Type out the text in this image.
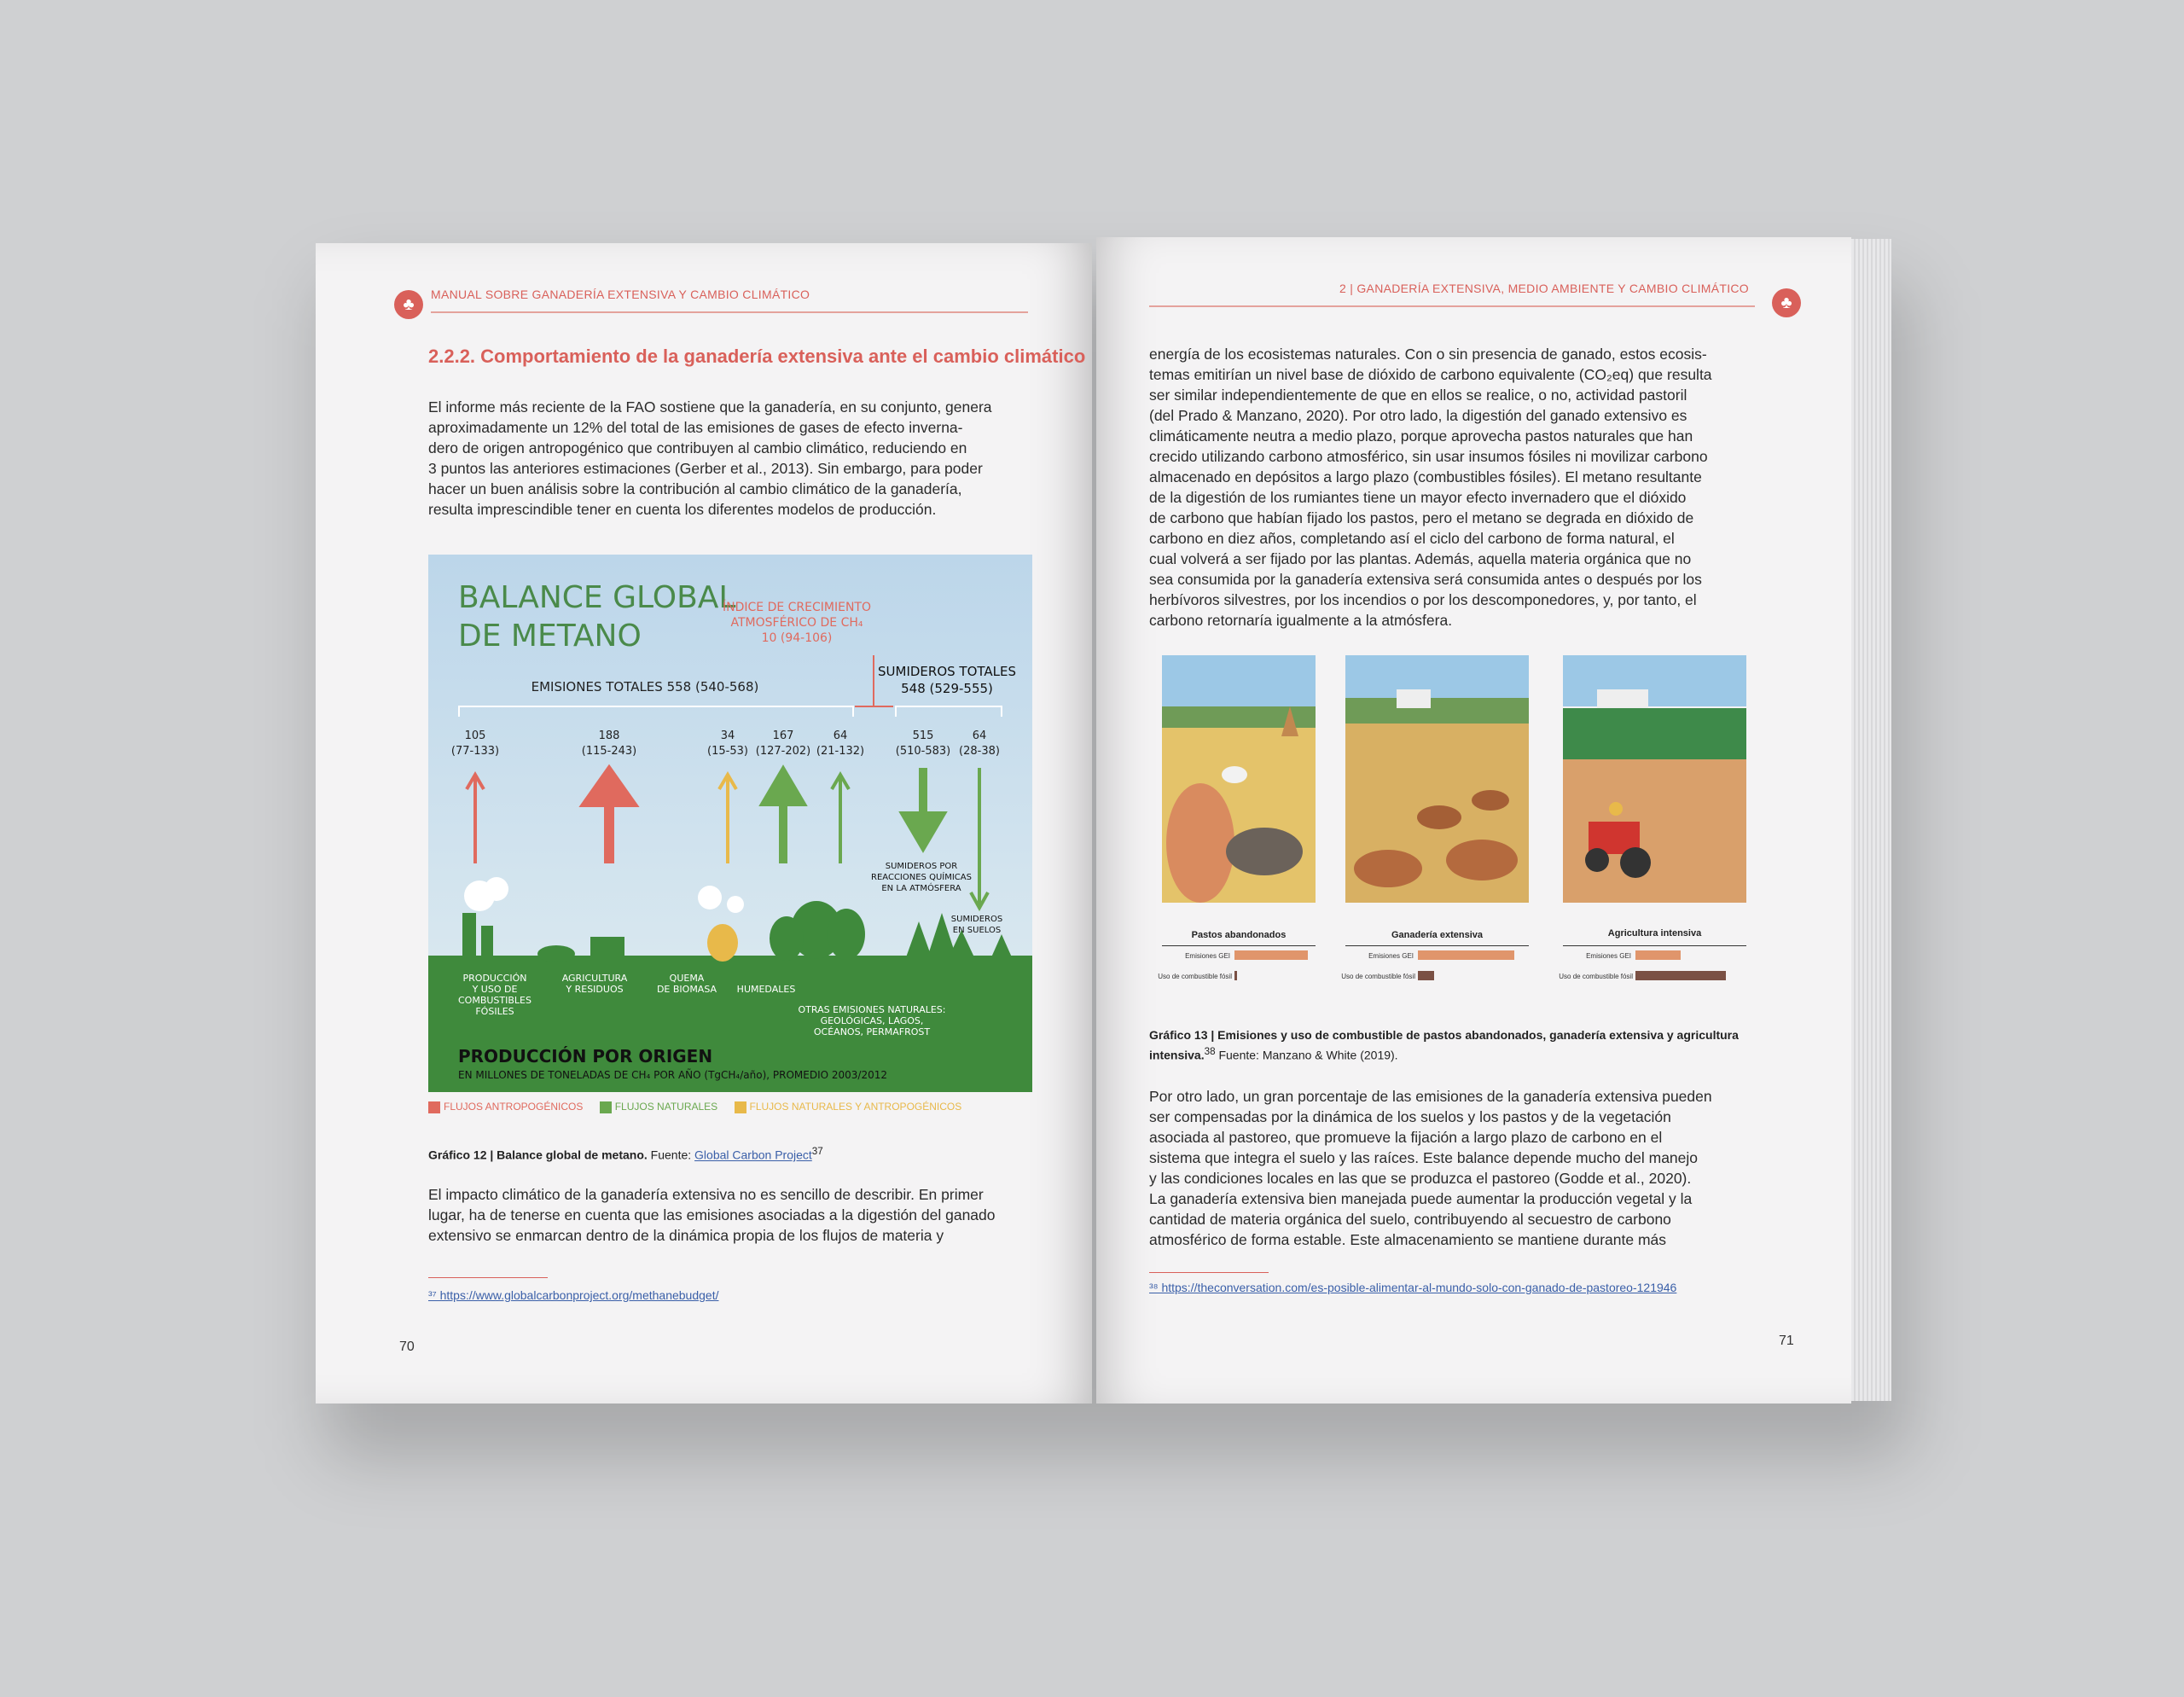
♣
MANUAL SOBRE GANADERÍA EXTENSIVA Y CAMBIO CLIMÁTICO
2.2.2. Comportamiento de la ganadería extensiva ante el cambio climático
El informe más reciente de la FAO sostiene que la ganadería, en su conjunto, genera
aproximadamente un 12% del total de las emisiones de gases de efecto inverna-
dero de origen antropogénico que contribuyen al cambio climático, reduciendo en
3 puntos las anteriores estimaciones (Gerber et al., 2013). Sin embargo, para poder
hacer un buen análisis sobre la contribución al cambio climático de la ganadería,
resulta imprescindible tener en cuenta los diferentes modelos de producción.
BALANCE GLOBAL
DE METANO
ÍNDICE DE CRECIMIENTO
ATMOSFÉRICO DE CH₄
10 (94-106)
EMISIONES TOTALES 558 (540-568)
SUMIDEROS TOTALES
548 (529-555)
105
(77-133)
188
(115-243)
34
(15-53)
167
(127-202)
64
(21-132)
515
(510-583)
64
(28-38)
SUMIDEROS POR
REACCIONES QUÍMICAS
EN LA ATMÓSFERA
SUMIDEROS
EN SUELOS
PRODUCCIÓN
Y USO DE
COMBUSTIBLES
FÓSILES
AGRICULTURA
Y RESIDUOS
QUEMA
DE BIOMASA HUMEDALES
OTRAS EMISIONES NATURALES:
GEOLÓGICAS, LAGOS,
OCÉANOS, PERMAFROST
PRODUCCIÓN POR ORIGEN
EN MILLONES DE TONELADAS DE CH₄ POR AÑO (TgCH₄/año), PROMEDIO 2003/2012
FLUJOS ANTROPOGÉNICOS	FLUJOS NATURALES	FLUJOS NATURALES Y ANTROPOGÉNICOS
Gráfico 12 | Balance global de metano. Fuente: Global Carbon Project$^{37}$
El impacto climático de la ganadería extensiva no es sencillo de describir. En primer
lugar, ha de tenerse en cuenta que las emisiones asociadas a la digestión del ganado
extensivo se enmarcan dentro de la dinámica propia de los flujos de materia y
³⁷ https://www.globalcarbonproject.org/methanebudget/
70
2 | GANADERÍA EXTENSIVA, MEDIO AMBIENTE Y CAMBIO CLIMÁTICO
♣
energía de los ecosistemas naturales. Con o sin presencia de ganado, estos ecosis-
temas emitirían un nivel base de dióxido de carbono equivalente (CO₂eq) que resulta
ser similar independientemente de que en ellos se realice, o no, actividad pastoril
(del Prado & Manzano, 2020). Por otro lado, la digestión del ganado extensivo es
climáticamente neutra a medio plazo, porque aprovecha pastos naturales que han
crecido utilizando carbono atmosférico, sin usar insumos fósiles ni movilizar carbono
almacenado en depósitos a largo plazo (combustibles fósiles). El metano resultante
de la digestión de los rumiantes tiene un mayor efecto invernadero que el dióxido
de carbono que habían fijado los pastos, pero el metano se degrada en dióxido de
carbono en diez años, completando así el ciclo del carbono de forma natural, el
cual volverá a ser fijado por las plantas. Además, aquella materia orgánica que no
sea consumida por la ganadería extensiva será consumida antes o después por los
herbívoros silvestres, por los incendios o por los descomponedores, y, por tanto, el
carbono retornaría igualmente a la atmósfera.
Pastos abandonados	Ganadería extensiva	Agricultura intensiva
Emisiones GEI
Uso de combustible fósil
Emisiones GEI
Uso de combustible fósil
Emisiones GEI
Uso de combustible fósil
Gráfico 13 | Emisiones y uso de combustible de pastos abandonados, ganadería extensiva y agricultura intensiva.$^{38}$ Fuente: Manzano & White (2019).
Por otro lado, un gran porcentaje de las emisiones de la ganadería extensiva pueden
ser compensadas por la dinámica de los suelos y los pastos y de la vegetación
asociada al pastoreo, que promueve la fijación a largo plazo de carbono en el
sistema que integra el suelo y las raíces. Este balance depende mucho del manejo
y las condiciones locales en las que se produzca el pastoreo (Godde et al., 2020).
La ganadería extensiva bien manejada puede aumentar la producción vegetal y la
cantidad de materia orgánica del suelo, contribuyendo al secuestro de carbono
atmosférico de forma estable. Este almacenamiento se mantiene durante más
³⁸ https://theconversation.com/es-posible-alimentar-al-mundo-solo-con-ganado-de-pastoreo-121946
71
